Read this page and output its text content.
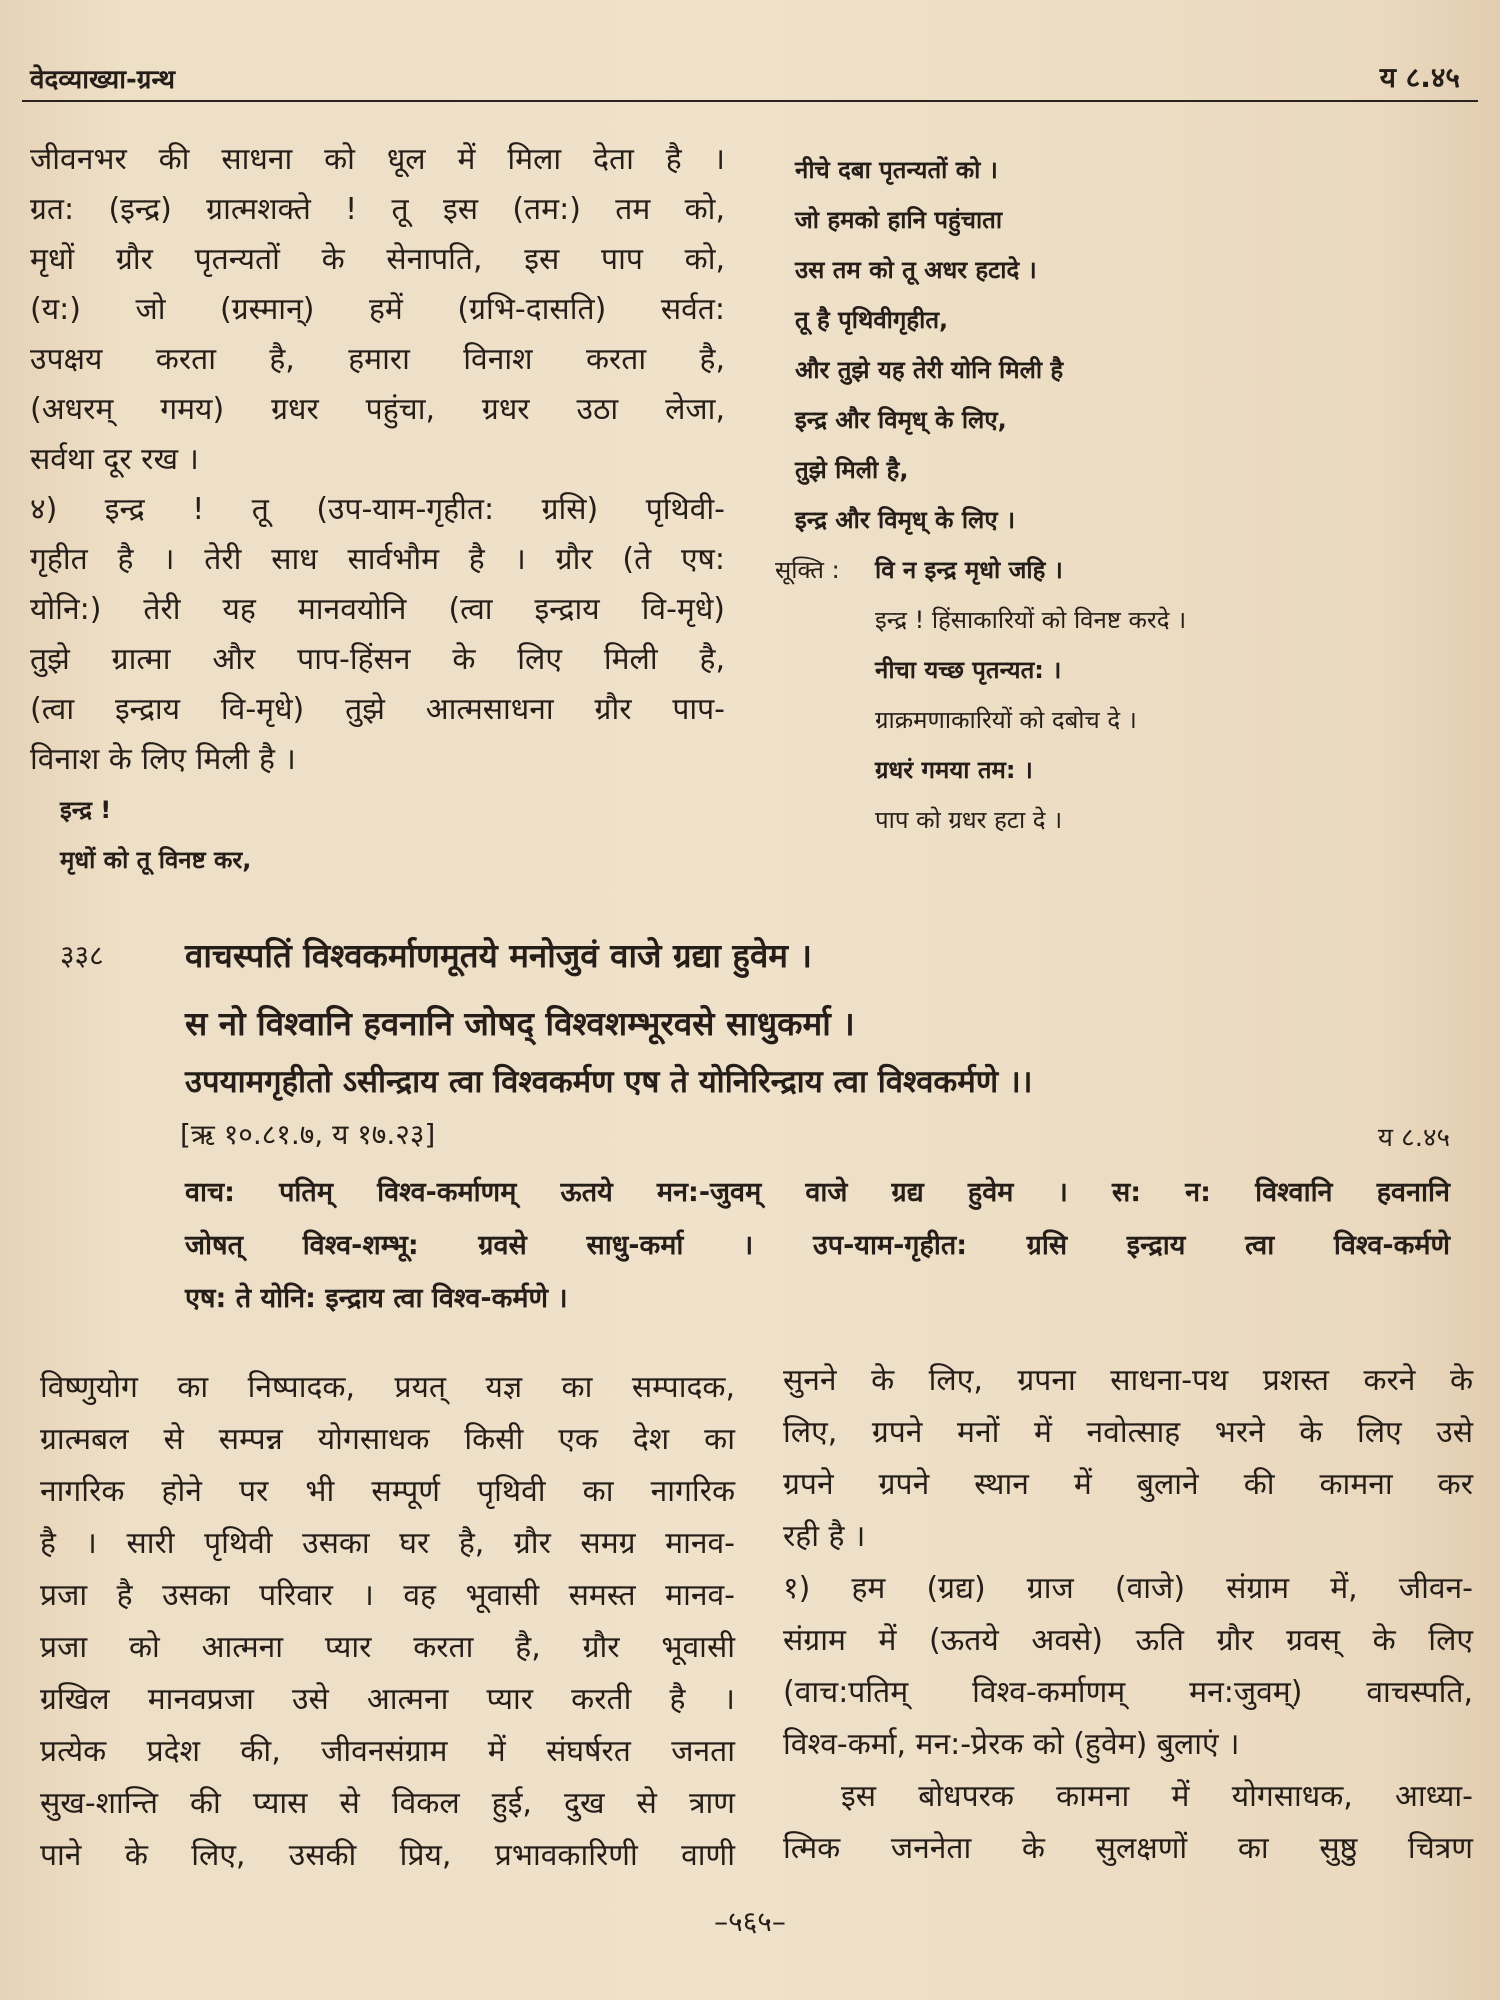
वेदव्याख्या-ग्रन्थ	य ८.४५

जीवनभर की साधना को धूल में मिला देता है ।

ग्रत: (इन्द्र) ग्रात्मशक्ते ! तू इस (तम:) तम को,

मृधों ग्रौर पृतन्यतों के सेनापति, इस पाप को,

(य:) जो (ग्रस्मान्) हमें (ग्रभि-दासति) सर्वत:

उपक्षय करता है, हमारा विनाश करता है,

(अधरम् गमय) ग्रधर पहुंचा, ग्रधर उठा लेजा,

सर्वथा दूर रख ।

४) इन्द्र ! तू (उप-याम-गृहीत: ग्रसि) पृथिवी-

गृहीत है । तेरी साध सार्वभौम है । ग्रौर (ते एष:

योनि:) तेरी यह मानवयोनि (त्वा इन्द्राय वि-मृधे)

तुझे ग्रात्मा और पाप-हिंसन के लिए मिली है,

(त्वा इन्द्राय वि-मृधे) तुझे आत्मसाधना ग्रौर पाप-

विनाश के लिए मिली है ।

इन्द्र !

मृधों को तू विनष्ट कर,

नीचे दबा पृतन्यतों को ।

जो हमको हानि पहुंचाता

उस तम को तू अधर हटादे ।

तू है पृथिवीगृहीत,

और तुझे यह तेरी योनि मिली है

इन्द्र और विमृध् के लिए,

तुझे मिली है,

इन्द्र और विमृध् के लिए ।

सूक्ति : वि न इन्द्र मृधो जहि ।

इन्द्र ! हिंसाकारियों को विनष्ट करदे ।

नीचा यच्छ पृतन्यत: ।

ग्राक्रमणाकारियों को दबोच दे ।

ग्रधरं गमया तम: ।

पाप को ग्रधर हटा दे ।

३३८ वाचस्पतिं विश्वकर्माणमूतये मनोजुवं वाजे ग्रद्या हुवेम ।
स नो विश्वानि हवनानि जोषद् विश्वशम्भूरवसे साधुकर्मा ।
उपयामगृहीतो ऽसीन्द्राय त्वा विश्वकर्मण एष ते योनिरिन्द्राय त्वा विश्वकर्मणे ।।
[ऋ १०.८१.७, य १७.२३]	य ८.४५
वाच: पतिम् विश्व-कर्माणम् ऊतये मन:-जुवम् वाजे ग्रद्य हुवेम । स: न: विश्वानि हवनानि
जोषत् विश्व-शम्भू: ग्रवसे साधु-कर्मा । उप-याम-गृहीत: ग्रसि इन्द्राय त्वा विश्व-कर्मणे
एष: ते योनि: इन्द्राय त्वा विश्व-कर्मणे ।

विष्णुयोग का निष्पादक, प्रयत् यज्ञ का सम्पादक,

ग्रात्मबल से सम्पन्न योगसाधक किसी एक देश का

नागरिक होने पर भी सम्पूर्ण पृथिवी का नागरिक

है । सारी पृथिवी उसका घर है, ग्रौर समग्र मानव-

प्रजा है उसका परिवार । वह भूवासी समस्त मानव-

प्रजा को आत्मना प्यार करता है, ग्रौर भूवासी

ग्रखिल मानवप्रजा उसे आत्मना प्यार करती है ।

प्रत्येक प्रदेश की, जीवनसंग्राम में संघर्षरत जनता

सुख-शान्ति की प्यास से विकल हुई, दुख से त्राण

पाने के लिए, उसकी प्रिय, प्रभावकारिणी वाणी

सुनने के लिए, ग्रपना साधना-पथ प्रशस्त करने के

लिए, ग्रपने मनों में नवोत्साह भरने के लिए उसे

ग्रपने ग्रपने स्थान में बुलाने की कामना कर

रही है ।

१) हम (ग्रद्य) ग्राज (वाजे) संग्राम में, जीवन-

संग्राम में (ऊतये अवसे) ऊति ग्रौर ग्रवस् के लिए

(वाच:पतिम् विश्व-कर्माणम् मन:जुवम्) वाचस्पति,

विश्व-कर्मा, मन:-प्रेरक को (हुवेम) बुलाएं ।

इस बोधपरक कामना में योगसाधक, आध्या-

त्मिक जननेता के सुलक्षणों का सुष्ठु चित्रण

–५६५–
